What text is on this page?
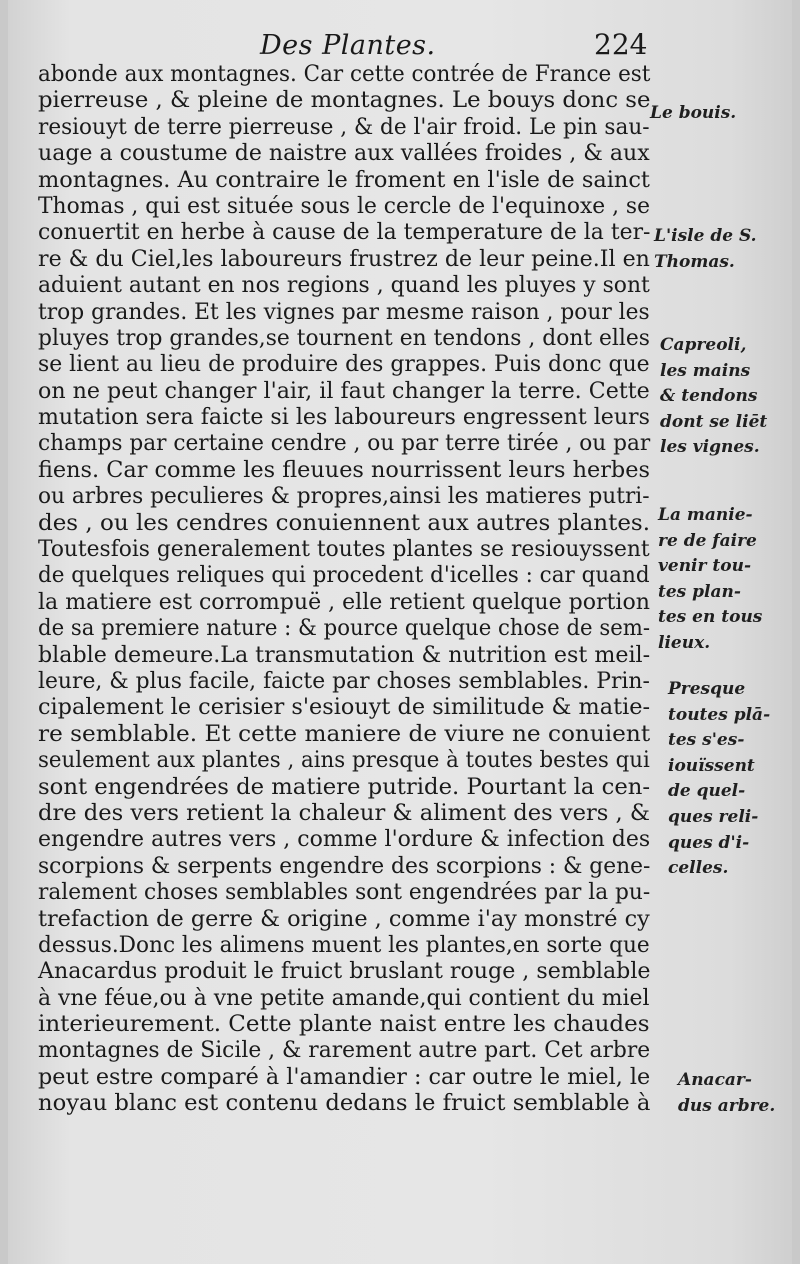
Des Plantes.	224
abonde aux montagnes. Car cette contrée de France est
pierreuse , & pleine de montagnes. Le bouys donc se
resiouyt de terre pierreuse , & de l'air froid. Le pin sau-
uage a coustume de naistre aux vallées froides , & aux
montagnes. Au contraire le froment en l'isle de sainct
Thomas , qui est située sous le cercle de l'equinoxe , se
conuertit en herbe à cause de la temperature de la ter-
re & du Ciel,les laboureurs frustrez de leur peine.Il en
aduient autant en nos regions , quand les pluyes y sont
trop grandes. Et les vignes par mesme raison , pour les
pluyes trop grandes,se tournent en tendons , dont elles
se lient au lieu de produire des grappes. Puis donc que
on ne peut changer l'air, il faut changer la terre. Cette
mutation sera faicte si les laboureurs engressent leurs
champs par certaine cendre , ou par terre tirée , ou par
fiens. Car comme les fleuues nourrissent leurs herbes
ou arbres peculieres & propres,ainsi les matieres putri-
des , ou les cendres conuiennent aux autres plantes.
Toutesfois generalement toutes plantes se resiouyssent
de quelques reliques qui procedent d'icelles : car quand
la matiere est corrompuë , elle retient quelque portion
de sa premiere nature : & pource quelque chose de sem-
blable demeure.La transmutation & nutrition est meil-
leure, & plus facile, faicte par choses semblables. Prin-
cipalement le cerisier s'esiouyt de similitude & matie-
re semblable. Et cette maniere de viure ne conuient
seulement aux plantes , ains presque à toutes bestes qui
sont engendrées de matiere putride. Pourtant la cen-
dre des vers retient la chaleur & aliment des vers , &
engendre autres vers , comme l'ordure & infection des
scorpions & serpents engendre des scorpions : & gene-
ralement choses semblables sont engendrées par la pu-
trefaction de gerre & origine , comme i'ay monstré cy
dessus.Donc les alimens muent les plantes,en sorte que
Anacardus produit le fruict bruslant rouge , semblable
à vne féue,ou à vne petite amande,qui contient du miel
interieurement. Cette plante naist entre les chaudes
montagnes de Sicile , & rarement autre part. Cet arbre
peut estre comparé à l'amandier : car outre le miel, le
noyau blanc est contenu dedans le fruict semblable à
Le bouis.
L'isle de S.
Thomas.
Capreoli,
les mains
& tendons
dont se liēt
les vignes.
La manie-
re de faire
venir tou-
tes plan-
tes en tous
lieux.
Presque
toutes plā-
tes s'es-
iouïssent
de quel-
ques reli-
ques d'i-
celles.
Anacar-
dus arbre.
